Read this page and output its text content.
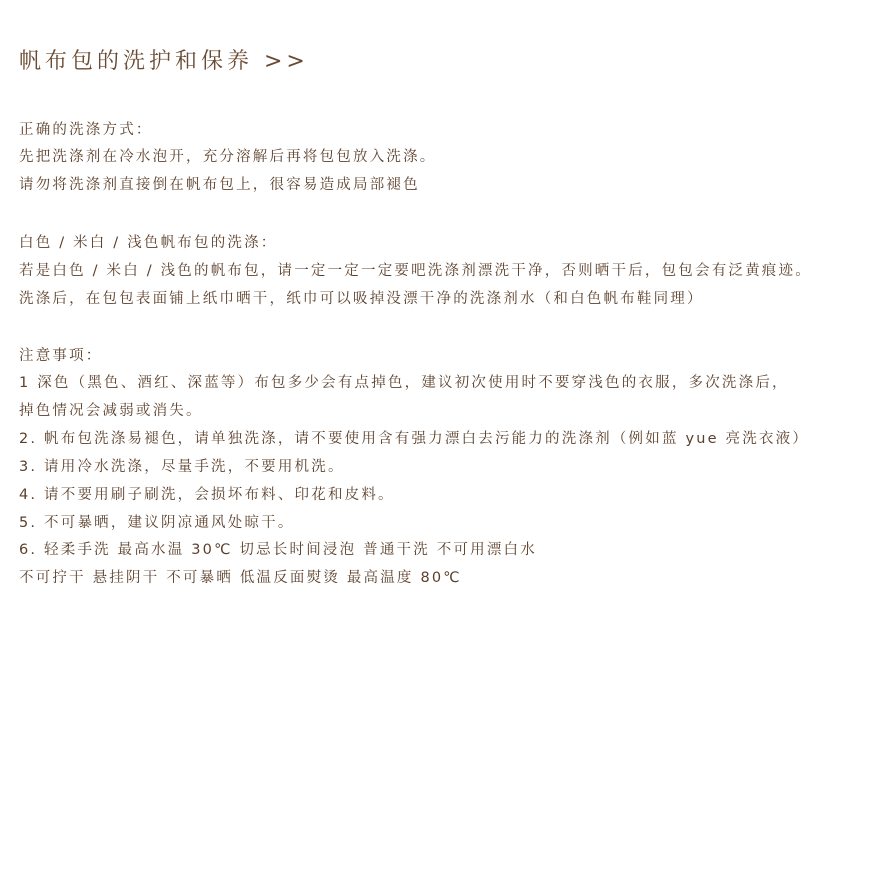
帆布包的洗护和保养 >>
正确的洗涤方式：
先把洗涤剂在冷水泡开，充分溶解后再将包包放入洗涤。
请勿将洗涤剂直接倒在帆布包上，很容易造成局部褪色
白色 / 米白 / 浅色帆布包的洗涤：
若是白色 / 米白 / 浅色的帆布包，请一定一定一定要吧洗涤剂漂洗干净，否则晒干后，包包会有泛黄痕迹。
洗涤后，在包包表面铺上纸巾晒干，纸巾可以吸掉没漂干净的洗涤剂水（和白色帆布鞋同理）
注意事项：
1 深色（黑色、酒红、深蓝等）布包多少会有点掉色，建议初次使用时不要穿浅色的衣服，多次洗涤后，
掉色情况会减弱或消失。
2. 帆布包洗涤易褪色，请单独洗涤，请不要使用含有强力漂白去污能力的洗涤剂（例如蓝 yue 亮洗衣液）
3. 请用冷水洗涤，尽量手洗，不要用机洗。
4. 请不要用刷子刷洗，会损坏布料、印花和皮料。
5. 不可暴晒，建议阴凉通风处晾干。
6. 轻柔手洗 最高水温 30℃ 切忌长时间浸泡 普通干洗 不可用漂白水
不可拧干 悬挂阴干 不可暴晒 低温反面熨烫 最高温度 80℃
